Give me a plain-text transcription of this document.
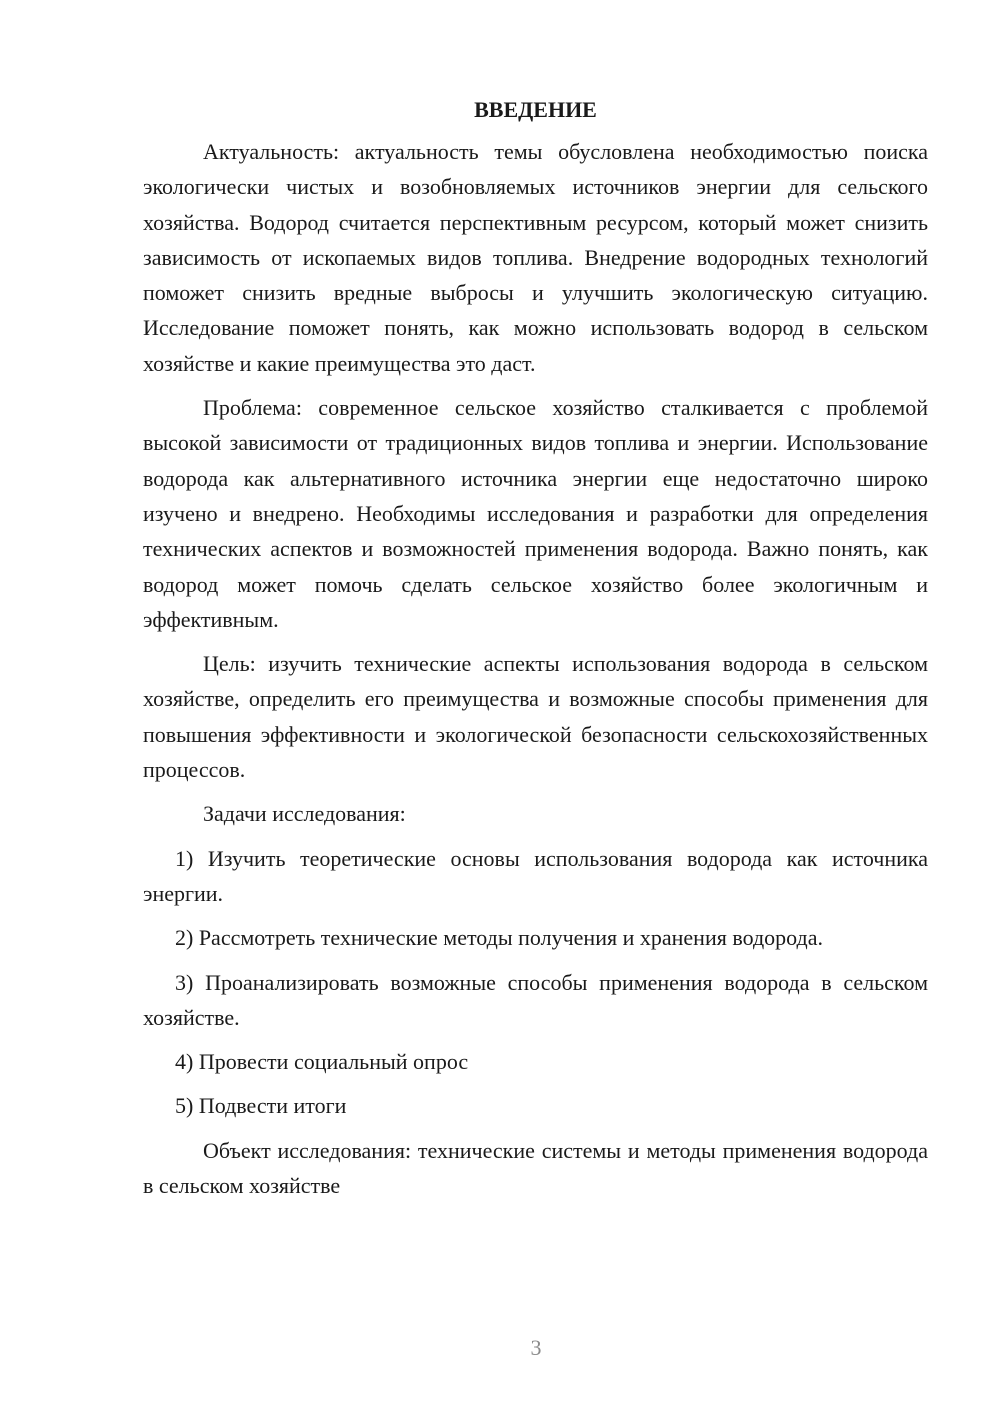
ВВЕДЕНИЕ

Актуальность: актуальность темы обусловлена необходимостью поиска экологически чистых и возобновляемых источников энергии для сельского хозяйства. Водород считается перспективным ресурсом, который может снизить зависимость от ископаемых видов топлива. Внедрение водородных технологий поможет снизить вредные выбросы и улучшить экологическую ситуацию. Исследование поможет понять, как можно использовать водород в сельском хозяйстве и какие преимущества это даст.

Проблема: современное сельское хозяйство сталкивается с проблемой высокой зависимости от традиционных видов топлива и энергии. Использование водорода как альтернативного источника энергии еще недостаточно широко изучено и внедрено. Необходимы исследования и разработки для определения технических аспектов и возможностей применения водорода. Важно понять, как водород может помочь сделать сельское хозяйство более экологичным и эффективным.

Цель: изучить технические аспекты использования водорода в сельском хозяйстве, определить его преимущества и возможные способы применения для повышения эффективности и экологической безопасности сельскохозяйственных процессов.

Задачи исследования:

1) Изучить теоретические основы использования водорода как источника энергии.

2) Рассмотреть технические методы получения и хранения водорода.

3) Проанализировать возможные способы применения водорода в сельском хозяйстве.

4) Провести социальный опрос

5) Подвести итоги

Объект исследования: технические системы и методы применения водорода в сельском хозяйстве

3
